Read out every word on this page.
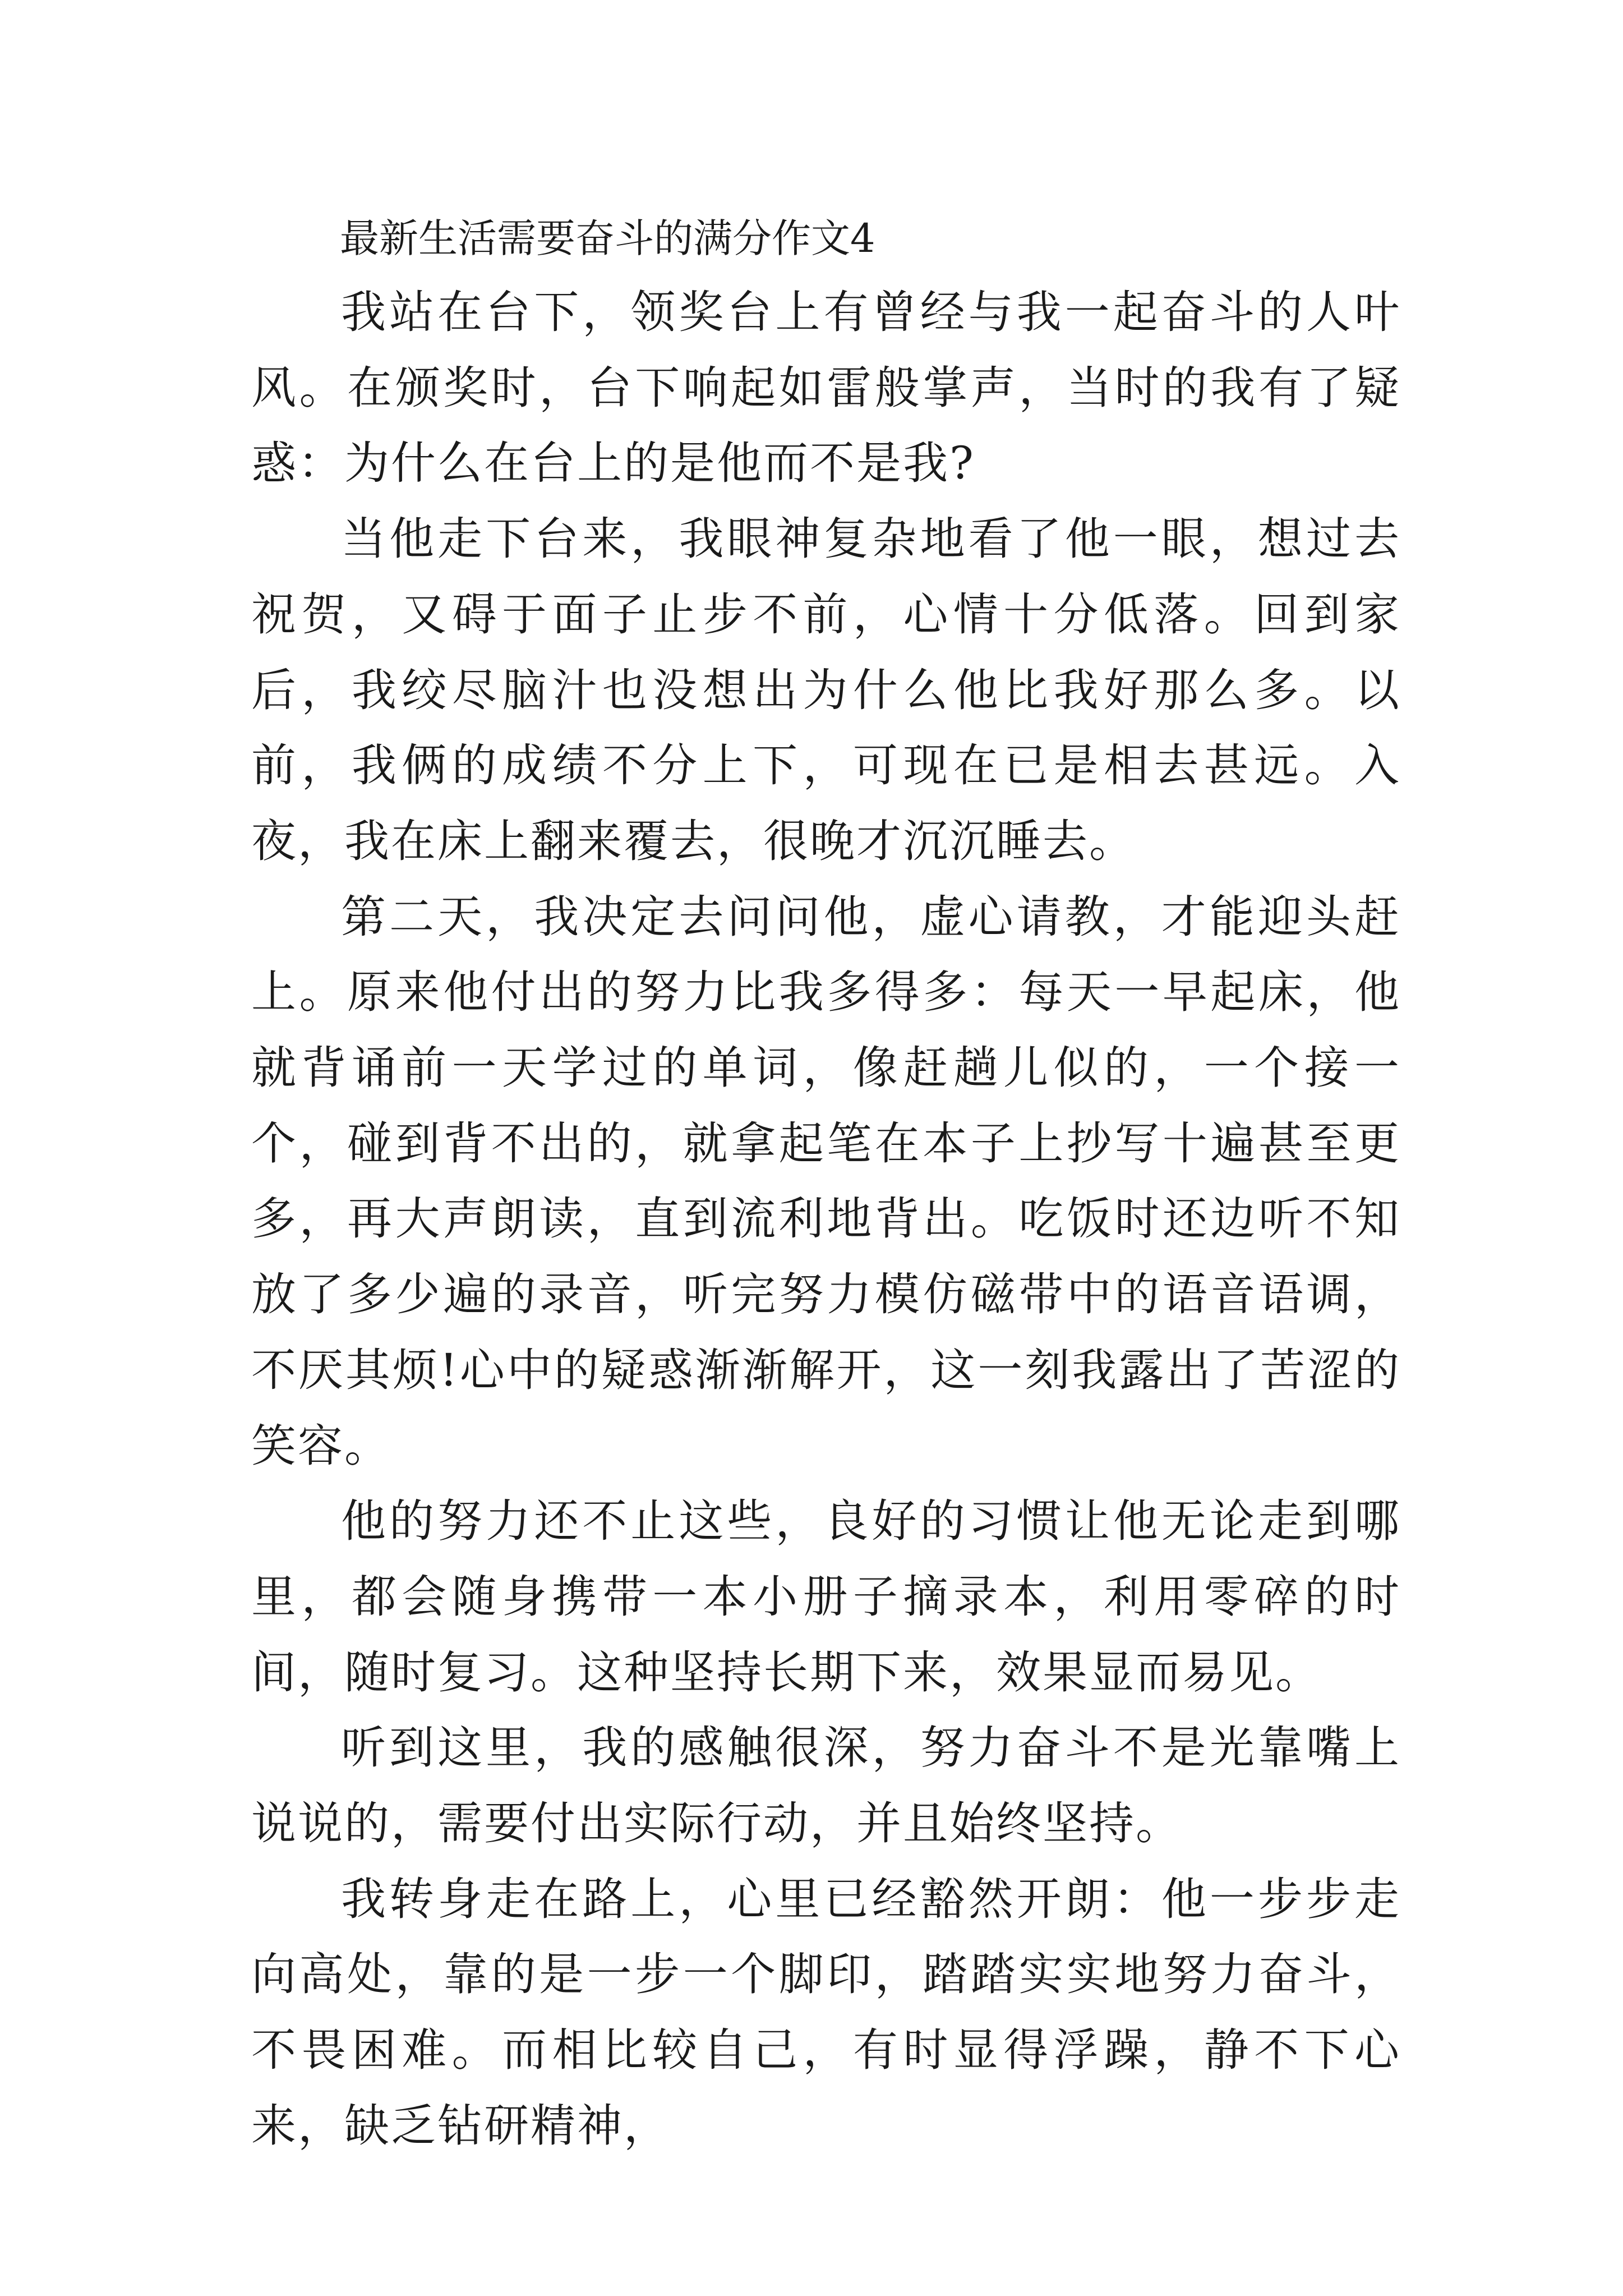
最新生活需要奋斗的满分作文4

我站在台下，领奖台上有曾经与我一起奋斗的人叶风。在颁奖时，台下响起如雷般掌声，当时的我有了疑惑：为什么在台上的是他而不是我?

当他走下台来，我眼神复杂地看了他一眼，想过去祝贺，又碍于面子止步不前，心情十分低落。回到家后，我绞尽脑汁也没想出为什么他比我好那么多。以前，我俩的成绩不分上下，可现在已是相去甚远。入夜，我在床上翻来覆去，很晚才沉沉睡去。

第二天，我决定去问问他，虚心请教，才能迎头赶上。原来他付出的努力比我多得多：每天一早起床，他就背诵前一天学过的单词，像赶趟儿似的，一个接一个，碰到背不出的，就拿起笔在本子上抄写十遍甚至更多，再大声朗读，直到流利地背出。吃饭时还边听不知放了多少遍的录音，听完努力模仿磁带中的语音语调，不厌其烦!心中的疑惑渐渐解开，这一刻我露出了苦涩的笑容。

他的努力还不止这些，良好的习惯让他无论走到哪里，都会随身携带一本小册子摘录本，利用零碎的时间，随时复习。这种坚持长期下来，效果显而易见。

听到这里，我的感触很深，努力奋斗不是光靠嘴上说说的，需要付出实际行动，并且始终坚持。

我转身走在路上，心里已经豁然开朗：他一步步走向高处，靠的是一步一个脚印，踏踏实实地努力奋斗，不畏困难。而相比较自己，有时显得浮躁，静不下心来，缺乏钻研精神，
